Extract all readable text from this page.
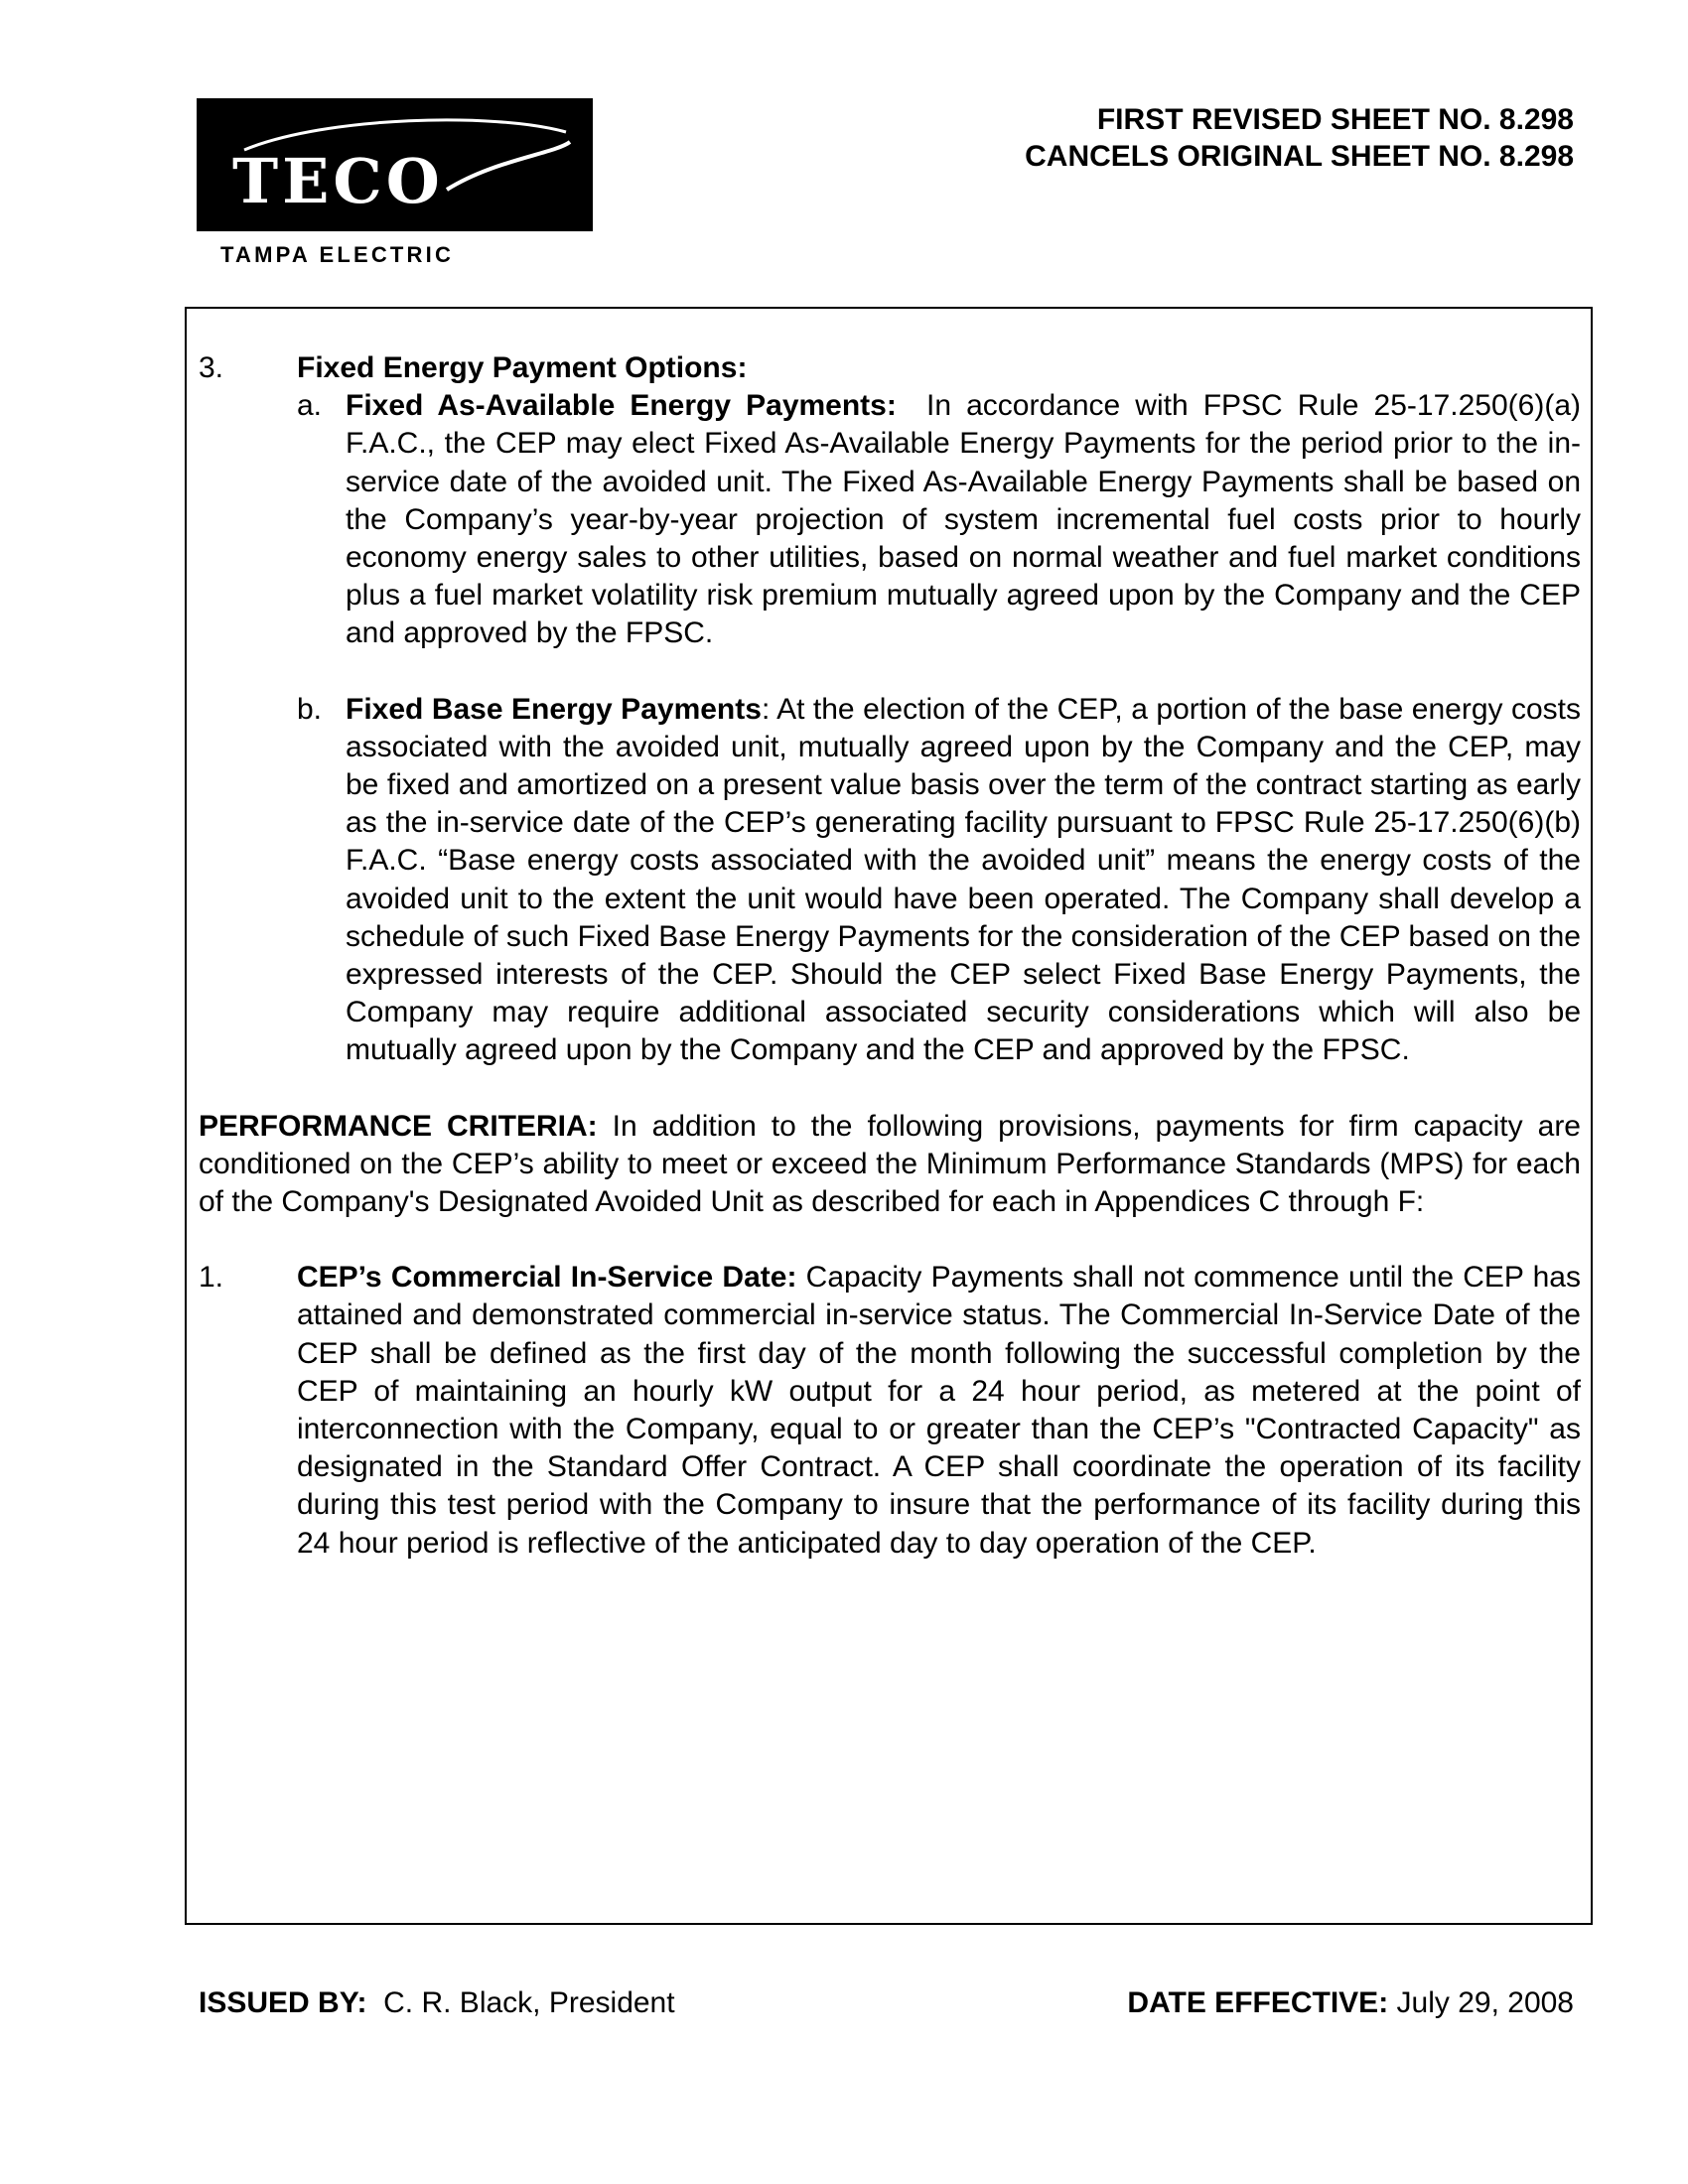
TECO
TAMPA ELECTRIC
FIRST REVISED SHEET NO. 8.298
CANCELS ORIGINAL SHEET NO. 8.298

3. Fixed Energy Payment Options:

a. Fixed As-Available Energy Payments: In accordance with FPSC Rule 25-17.250(6)(a) F.A.C., the CEP may elect Fixed As-Available Energy Payments for the period prior to the in-service date of the avoided unit. The Fixed As-Available Energy Payments shall be based on the Company’s year-by-year projection of system incremental fuel costs prior to hourly economy energy sales to other utilities, based on normal weather and fuel market conditions plus a fuel market volatility risk premium mutually agreed upon by the Company and the CEP and approved by the FPSC.

b. Fixed Base Energy Payments: At the election of the CEP, a portion of the base energy costs associated with the avoided unit, mutually agreed upon by the Company and the CEP, may be fixed and amortized on a present value basis over the term of the contract starting as early as the in-service date of the CEP’s generating facility pursuant to FPSC Rule 25-17.250(6)(b) F.A.C. “Base energy costs associated with the avoided unit” means the energy costs of the avoided unit to the extent the unit would have been operated. The Company shall develop a schedule of such Fixed Base Energy Payments for the consideration of the CEP based on the expressed interests of the CEP. Should the CEP select Fixed Base Energy Payments, the Company may require additional associated security considerations which will also be mutually agreed upon by the Company and the CEP and approved by the FPSC.

PERFORMANCE CRITERIA: In addition to the following provisions, payments for firm capacity are conditioned on the CEP’s ability to meet or exceed the Minimum Performance Standards (MPS) for each of the Company's Designated Avoided Unit as described for each in Appendices C through F:

1. CEP’s Commercial In-Service Date: Capacity Payments shall not commence until the CEP has attained and demonstrated commercial in-service status. The Commercial In-Service Date of the CEP shall be defined as the first day of the month following the successful completion by the CEP of maintaining an hourly kW output for a 24 hour period, as metered at the point of interconnection with the Company, equal to or greater than the CEP’s "Contracted Capacity" as designated in the Standard Offer Contract. A CEP shall coordinate the operation of its facility during this test period with the Company to insure that the performance of its facility during this 24 hour period is reflective of the anticipated day to day operation of the CEP.

ISSUED BY: C. R. Black, President	DATE EFFECTIVE: July 29, 2008
